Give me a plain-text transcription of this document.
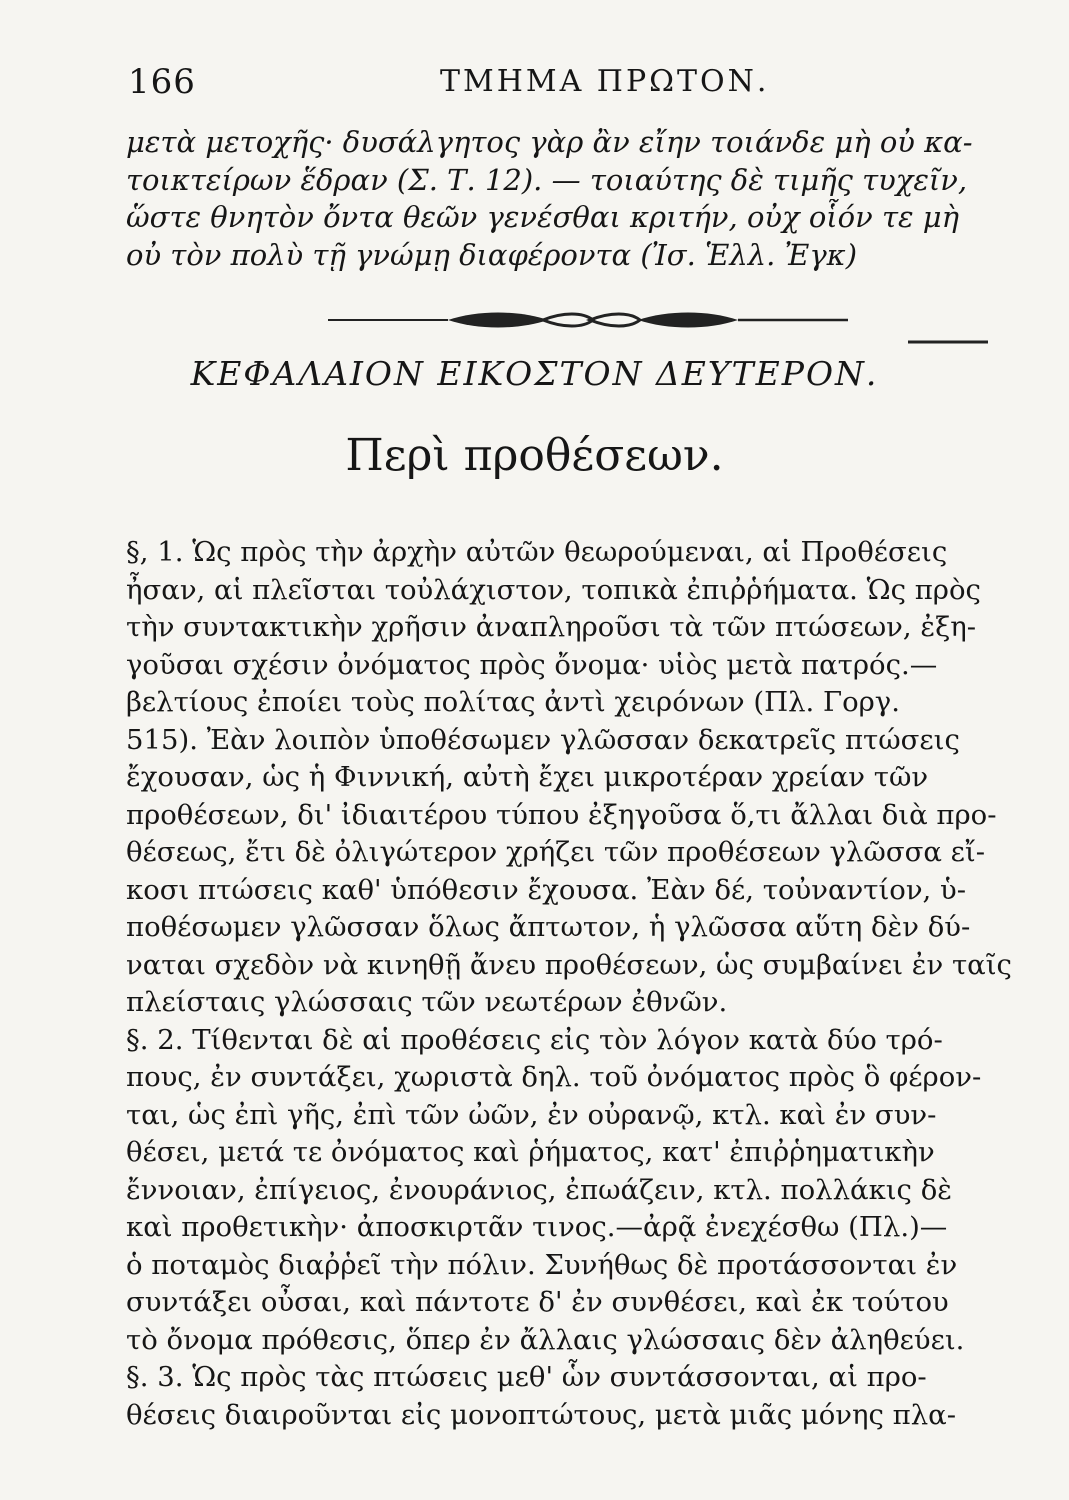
166	ΤΜΗΜΑ ΠΡΩΤΟΝ.
μετὰ μετοχῆς· δυσάλγητος γὰρ ἂν εἴην τοιάνδε μὴ οὐ κα-
τοικτείρων ἕδραν (Σ. Τ. 12). — τοιαύτης δὲ τιμῆς τυχεῖν,
ὥστε θνητὸν ὄντα θεῶν γενέσθαι κριτήν, οὐχ οἷόν τε μὴ
οὐ τὸν πολὺ τῇ γνώμῃ διαφέροντα (Ἰσ. Ἑλλ. Ἐγκ)
ΚΕΦΑΛΑΙΟΝ ΕΙΚΟΣΤΟΝ ΔΕΥΤΕΡΟΝ.
Περὶ προθέσεων.
§, 1. Ὡς πρὸς τὴν ἀρχὴν αὐτῶν θεωρούμεναι, αἱ Προθέσεις
ἦσαν, αἱ πλεῖσται τοὐλάχιστον, τοπικὰ ἐπιῤῥήματα. Ὡς πρὸς
τὴν συντακτικὴν χρῆσιν ἀναπληροῦσι τὰ τῶν πτώσεων, ἐξη-
γοῦσαι σχέσιν ὀνόματος πρὸς ὄνομα· υἱὸς μετὰ πατρός.—
βελτίους ἐποίει τοὺς πολίτας ἀντὶ χειρόνων (Πλ. Γοργ.
515). Ἐὰν λοιπὸν ὑποθέσωμεν γλῶσσαν δεκατρεῖς πτώσεις
ἔχουσαν, ὡς ἡ Φιννική, αὐτὴ ἔχει μικροτέραν χρείαν τῶν
προθέσεων, δι' ἰδιαιτέρου τύπου ἐξηγοῦσα ὅ,τι ἄλλαι διὰ προ-
θέσεως, ἔτι δὲ ὀλιγώτερον χρήζει τῶν προθέσεων γλῶσσα εἴ-
κοσι πτώσεις καθ' ὑπόθεσιν ἔχουσα. Ἐὰν δέ, τοὐναντίον, ὑ-
ποθέσωμεν γλῶσσαν ὅλως ἄπτωτον, ἡ γλῶσσα αὕτη δὲν δύ-
ναται σχεδὸν νὰ κινηθῇ ἄνευ προθέσεων, ὡς συμβαίνει ἐν ταῖς
πλείσταις γλώσσαις τῶν νεωτέρων ἐθνῶν.
§. 2. Τίθενται δὲ αἱ προθέσεις εἰς τὸν λόγον κατὰ δύο τρό-
πους, ἐν συντάξει, χωριστὰ δηλ. τοῦ ὀνόματος πρὸς ὃ φέρον-
ται, ὡς ἐπὶ γῆς, ἐπὶ τῶν ὠῶν, ἐν οὐρανῷ, κτλ. καὶ ἐν συν-
θέσει, μετά τε ὀνόματος καὶ ῥήματος, κατ' ἐπιῤῥηματικὴν
ἔννοιαν, ἐπίγειος, ἐνουράνιος, ἐπωάζειν, κτλ. πολλάκις δὲ
καὶ προθετικὴν· ἀποσκιρτᾶν τινος.—ἀρᾷ ἐνεχέσθω (Πλ.)—
ὁ ποταμὸς διαῤῥεῖ τὴν πόλιν. Συνήθως δὲ προτάσσονται ἐν
συντάξει οὖσαι, καὶ πάντοτε δ' ἐν συνθέσει, καὶ ἐκ τούτου
τὸ ὄνομα πρόθεσις, ὅπερ ἐν ἄλλαις γλώσσαις δὲν ἀληθεύει.
§. 3. Ὡς πρὸς τὰς πτώσεις μεθ' ὧν συντάσσονται, αἱ προ-
θέσεις διαιροῦνται εἰς μονοπτώτους, μετὰ μιᾶς μόνης πλα-
